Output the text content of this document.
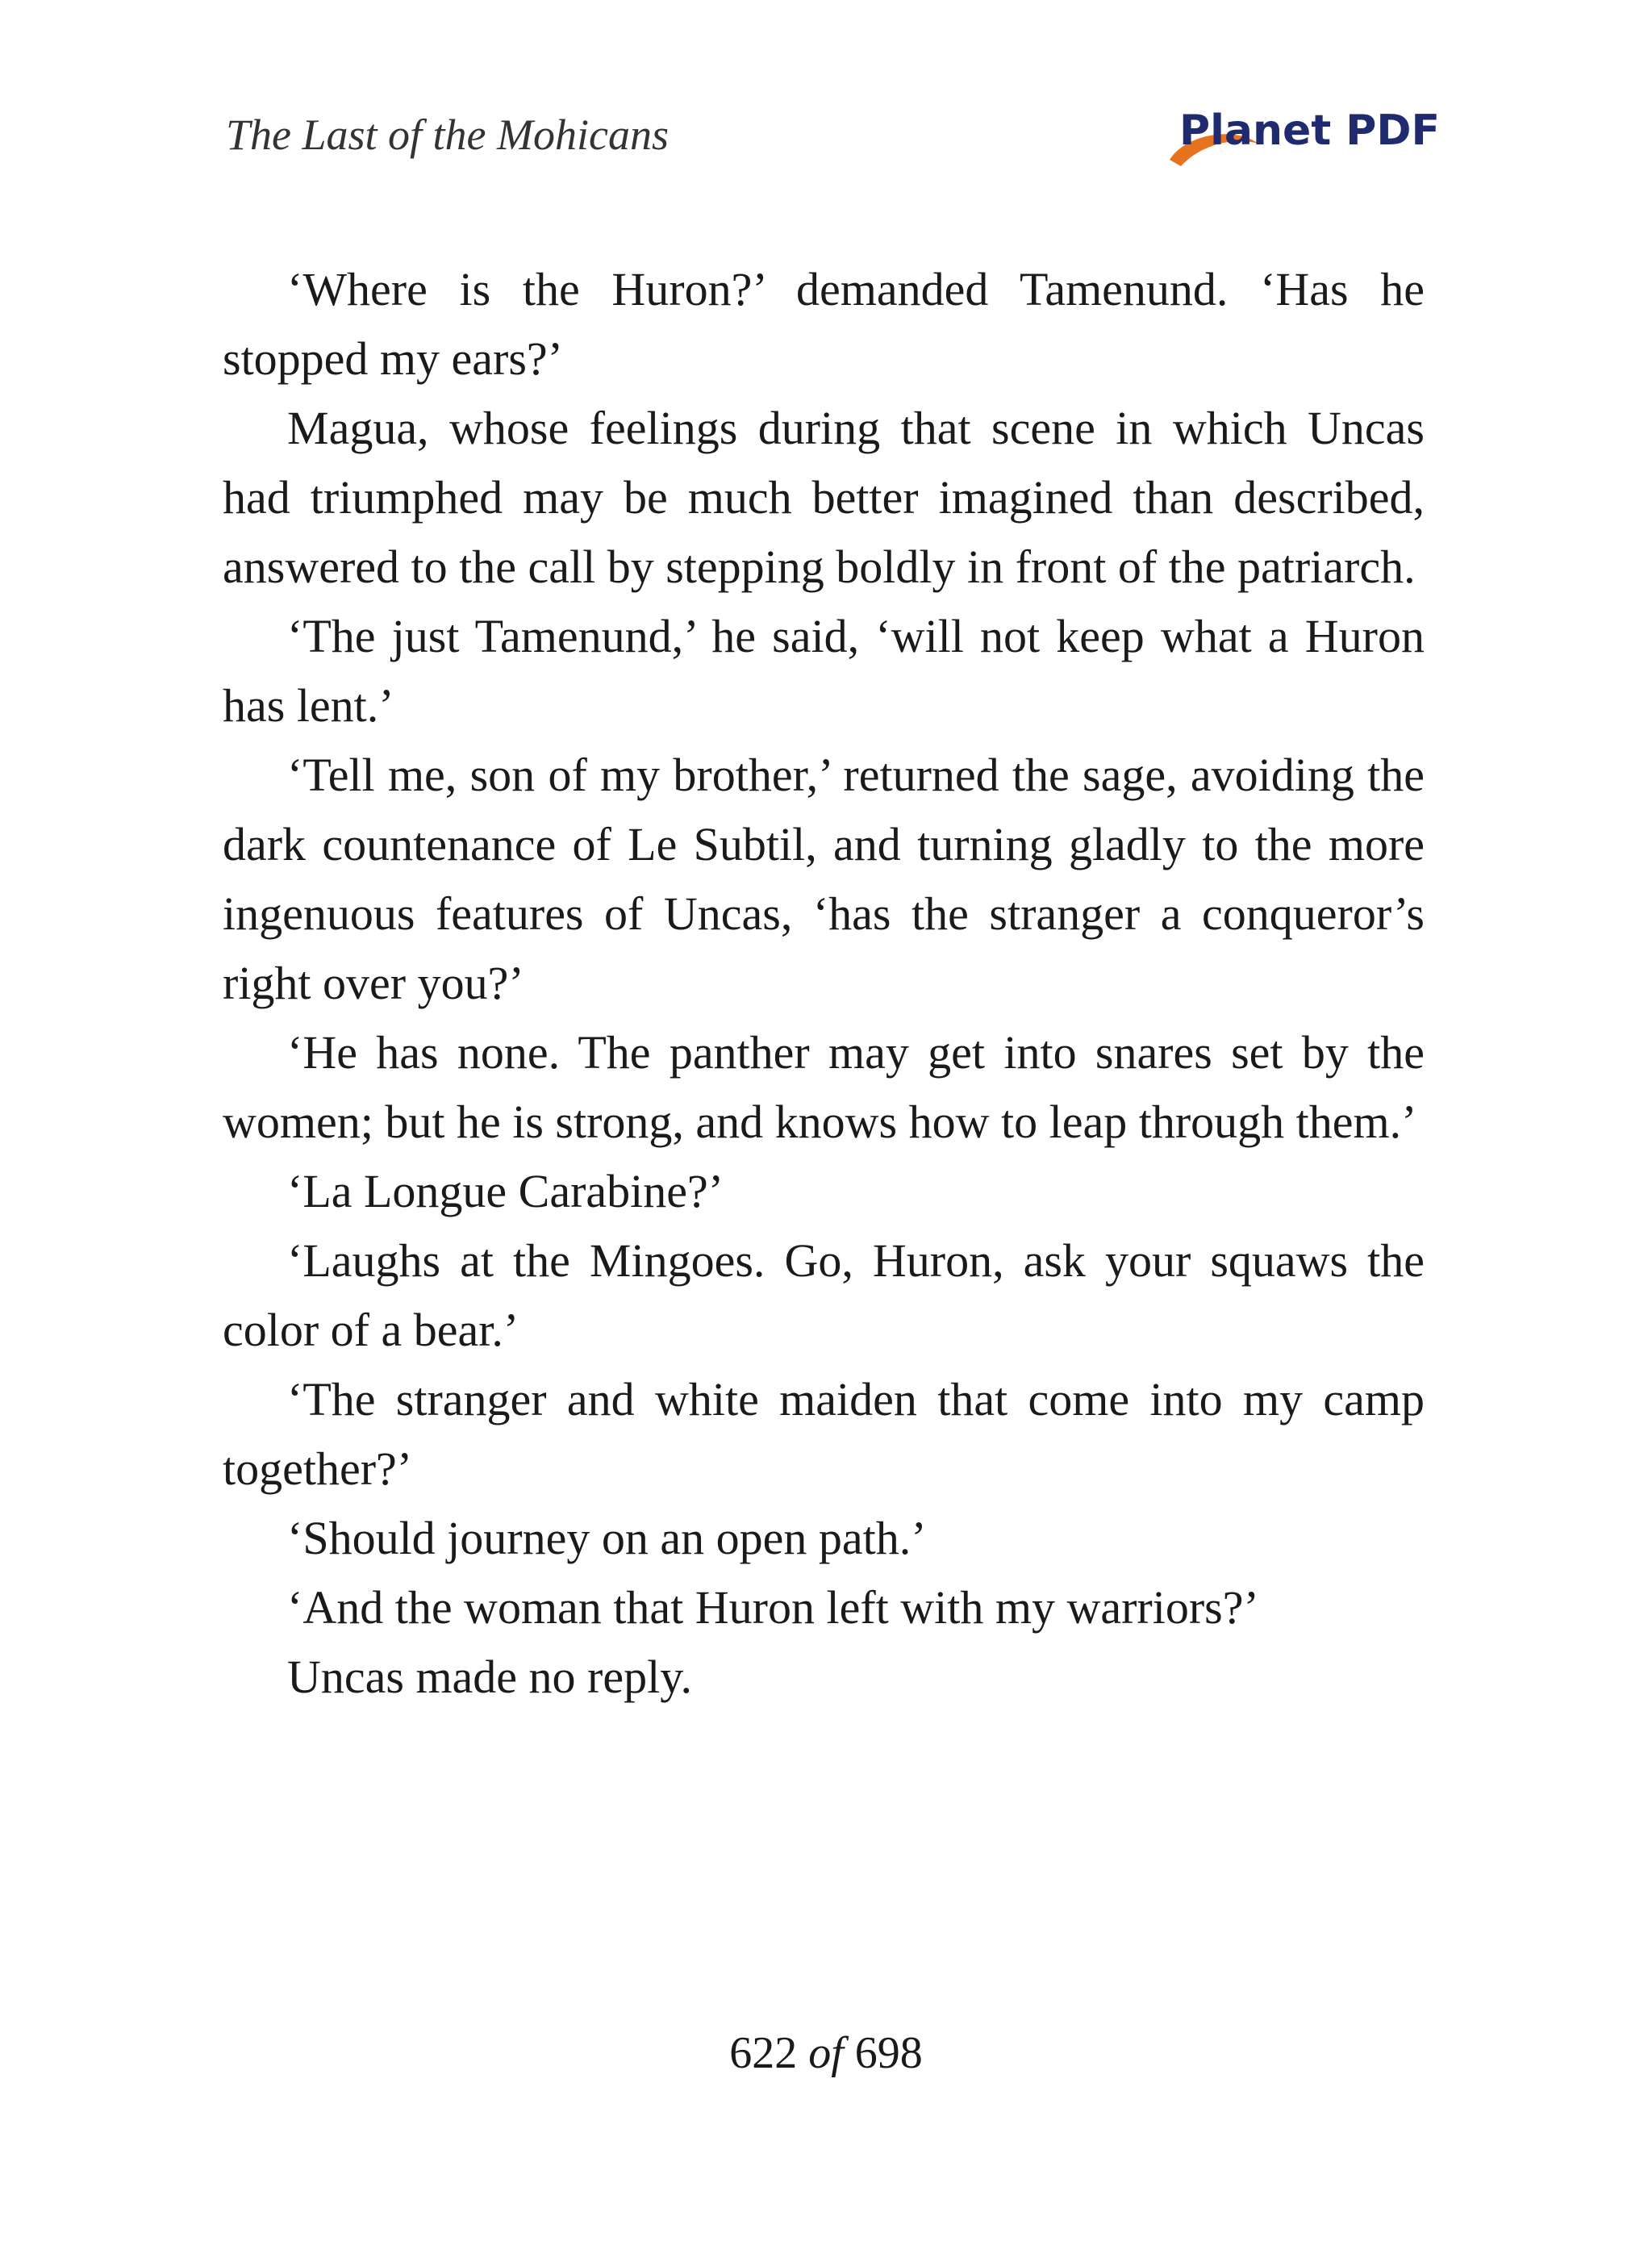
The Last of the Mohicans	Planet PDF

‘Where is the Huron?’ demanded Tamenund. ‘Has he stopped my ears?’

Magua, whose feelings during that scene in which Uncas had triumphed may be much better imagined than described, answered to the call by stepping boldly in front of the patriarch.

‘The just Tamenund,’ he said, ‘will not keep what a Huron has lent.’

‘Tell me, son of my brother,’ returned the sage, avoiding the dark countenance of Le Subtil, and turning gladly to the more ingenuous features of Uncas, ‘has the stranger a conqueror’s right over you?’

‘He has none. The panther may get into snares set by the women; but he is strong, and knows how to leap through them.’

‘La Longue Carabine?’

‘Laughs at the Mingoes. Go, Huron, ask your squaws the color of a bear.’

‘The stranger and white maiden that come into my camp together?’

‘Should journey on an open path.’

‘And the woman that Huron left with my warriors?’

Uncas made no reply.

622 of 698
